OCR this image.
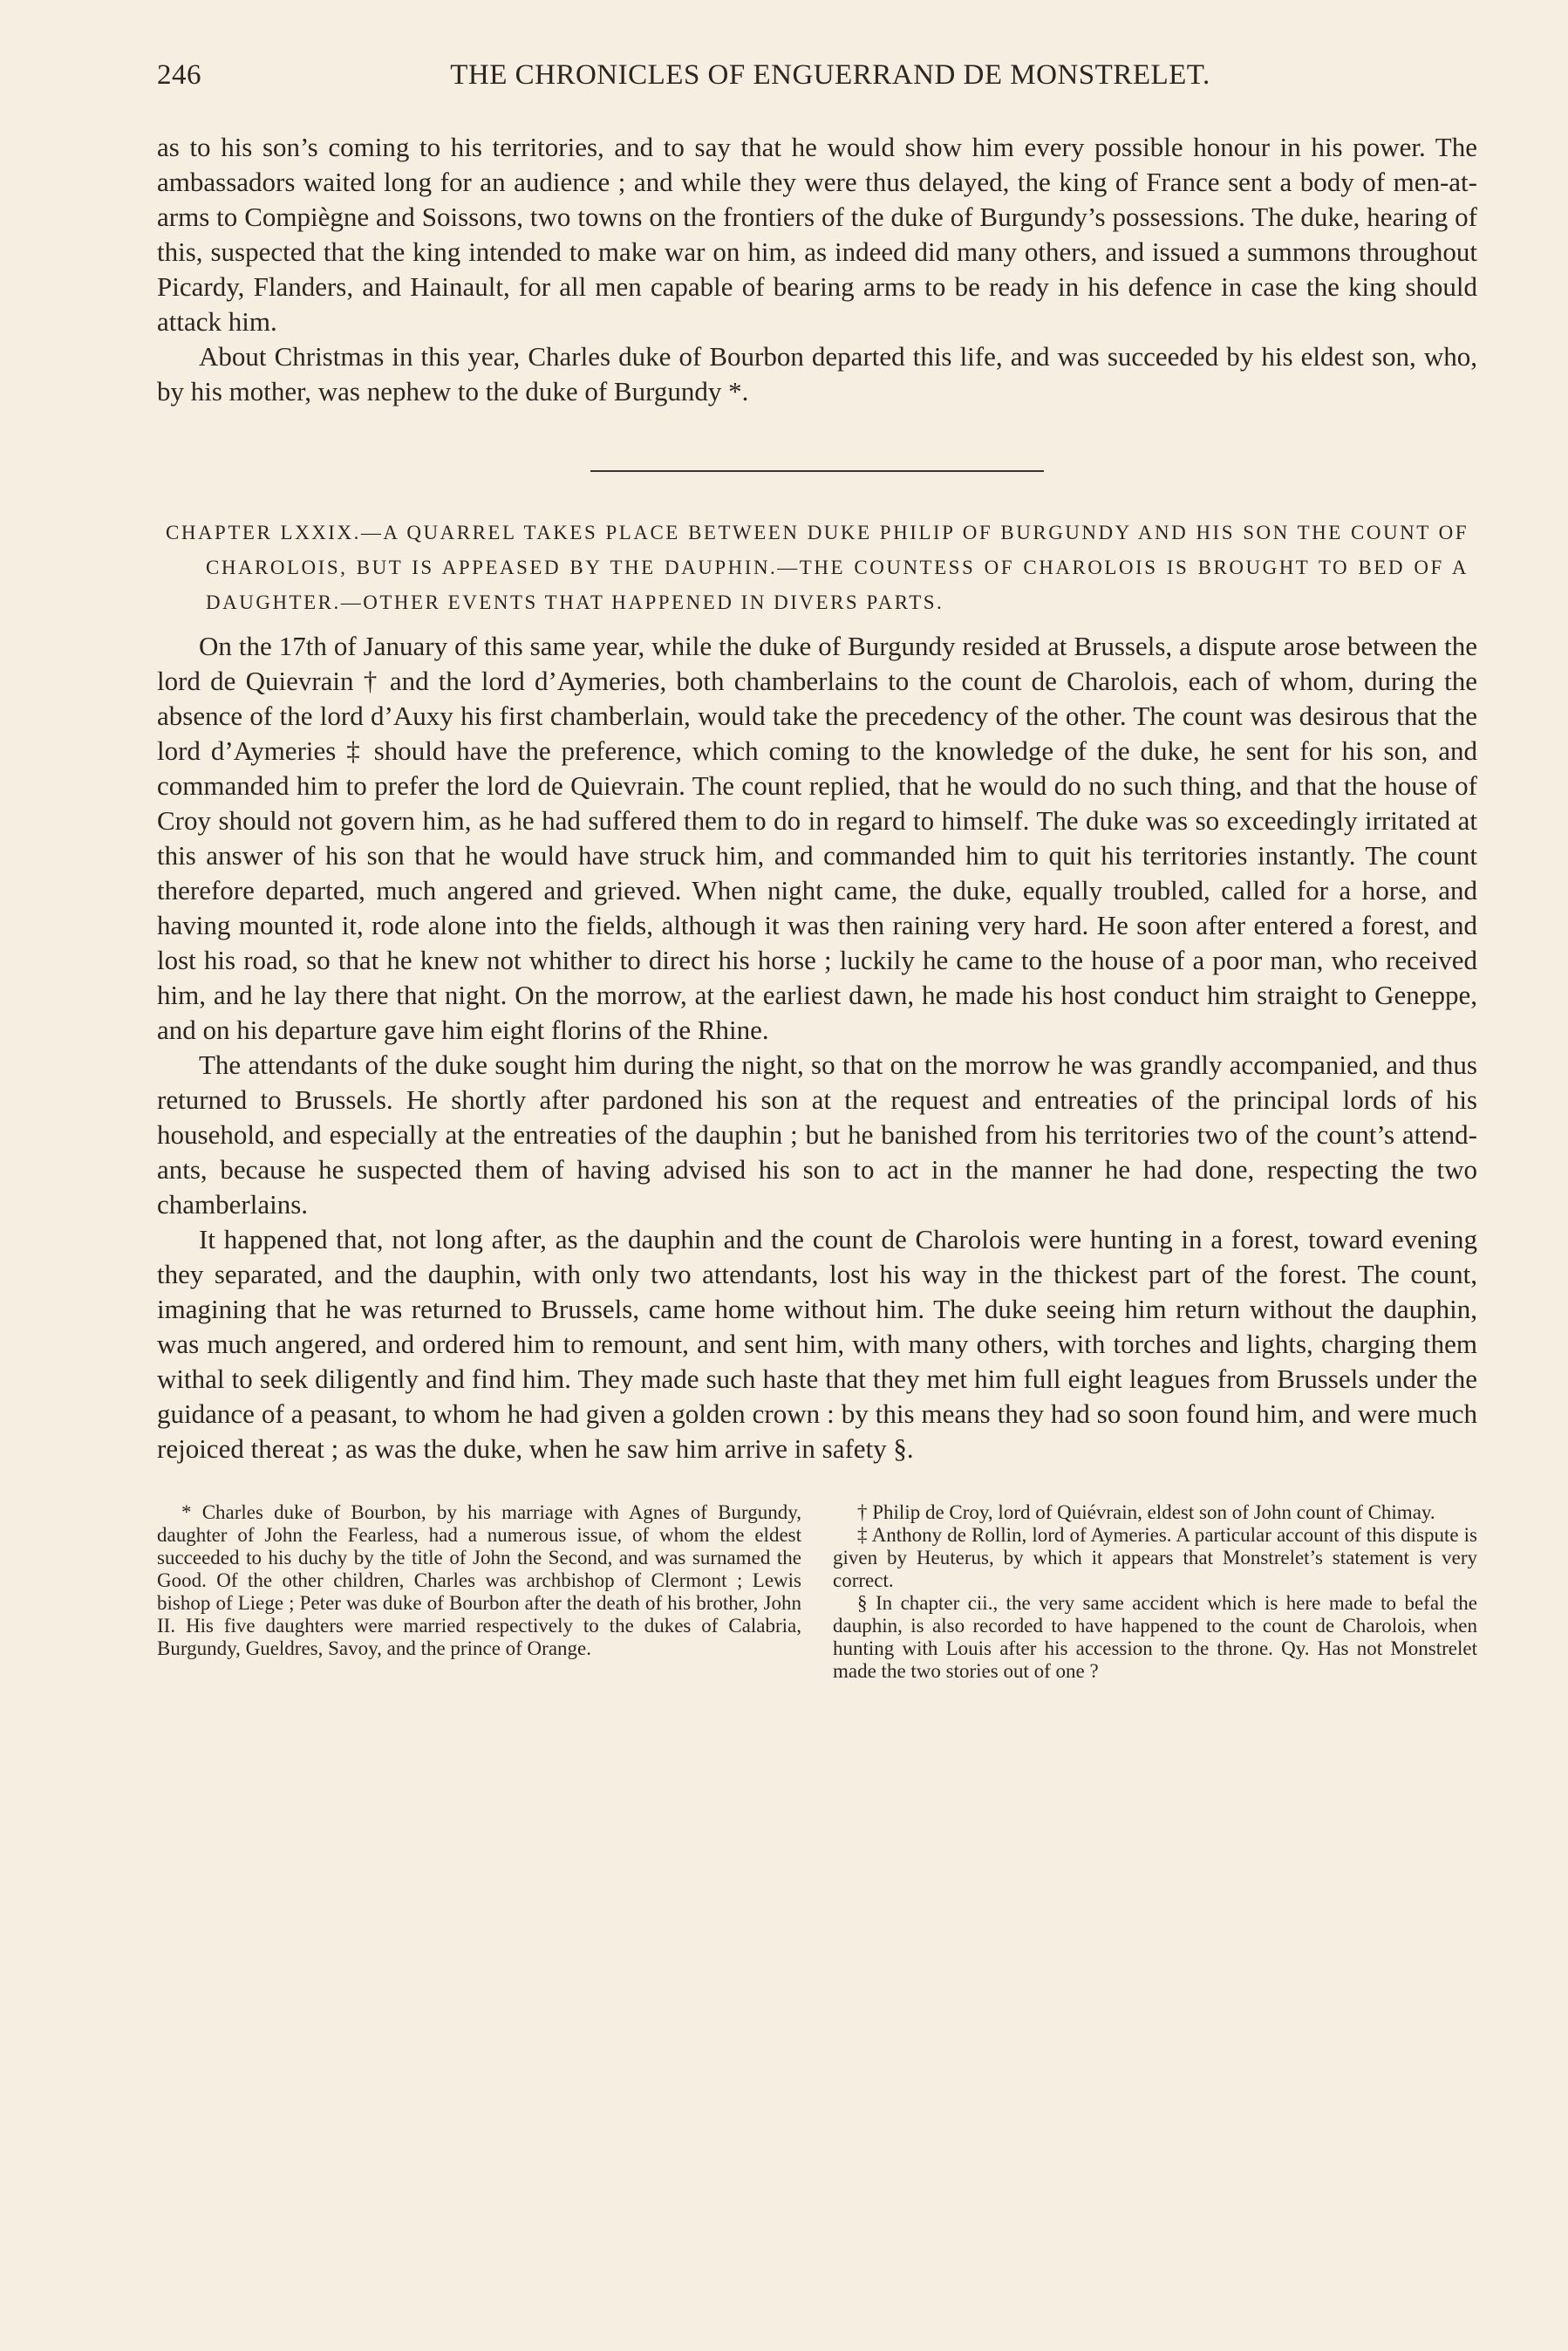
246	THE CHRONICLES OF ENGUERRAND DE MONSTRELET.

as to his son’s coming to his territories, and to say that he would show him every possible honour in his power. The ambassadors waited long for an audience ; and while they were thus delayed, the king of France sent a body of men-at-arms to Compiègne and Soissons, two towns on the frontiers of the duke of Burgundy’s possessions. The duke, hearing of this, suspected that the king intended to make war on him, as indeed did many others, and issued a summons throughout Picardy, Flanders, and Hainault, for all men capable of bearing arms to be ready in his defence in case the king should attack him.

About Christmas in this year, Charles duke of Bourbon departed this life, and was succeeded by his eldest son, who, by his mother, was nephew to the duke of Burgundy *.

CHAPTER LXXIX.—A QUARREL TAKES PLACE BETWEEN DUKE PHILIP OF BURGUNDY AND HIS SON THE COUNT OF CHAROLOIS, BUT IS APPEASED BY THE DAUPHIN.—THE COUNTESS OF CHAROLOIS IS BROUGHT TO BED OF A DAUGHTER.—OTHER EVENTS THAT HAPPENED IN DIVERS PARTS.

On the 17th of January of this same year, while the duke of Burgundy resided at Brussels, a dispute arose between the lord de Quievrain † and the lord d’Aymeries, both chamberlains to the count de Charolois, each of whom, during the absence of the lord d’Auxy his first chamberlain, would take the precedency of the other. The count was desirous that the lord d’Aymeries ‡ should have the preference, which coming to the knowledge of the duke, he sent for his son, and commanded him to prefer the lord de Quievrain. The count replied, that he would do no such thing, and that the house of Croy should not govern him, as he had suffered them to do in regard to himself. The duke was so exceedingly irritated at this answer of his son that he would have struck him, and commanded him to quit his territories instantly. The count therefore departed, much angered and grieved. When night came, the duke, equally troubled, called for a horse, and having mounted it, rode alone into the fields, although it was then raining very hard. He soon after entered a forest, and lost his road, so that he knew not whither to direct his horse ; luckily he came to the house of a poor man, who received him, and he lay there that night. On the morrow, at the earliest dawn, he made his host conduct him straight to Geneppe, and on his departure gave him eight florins of the Rhine.

The attendants of the duke sought him during the night, so that on the morrow he was grandly accompanied, and thus returned to Brussels. He shortly after pardoned his son at the request and entreaties of the principal lords of his household, and especially at the entreaties of the dauphin ; but he banished from his territories two of the count’s attendants, because he suspected them of having advised his son to act in the manner he had done, respecting the two chamberlains.

It happened that, not long after, as the dauphin and the count de Charolois were hunting in a forest, toward evening they separated, and the dauphin, with only two attendants, lost his way in the thickest part of the forest. The count, imagining that he was returned to Brussels, came home without him. The duke seeing him return without the dauphin, was much angered, and ordered him to remount, and sent him, with many others, with torches and lights, charging them withal to seek diligently and find him. They made such haste that they met him full eight leagues from Brussels under the guidance of a peasant, to whom he had given a golden crown : by this means they had so soon found him, and were much rejoiced thereat ; as was the duke, when he saw him arrive in safety §.

* Charles duke of Bourbon, by his marriage with Agnes of Burgundy, daughter of John the Fearless, had a numerous issue, of whom the eldest succeeded to his duchy by the title of John the Second, and was surnamed the Good. Of the other children, Charles was archbishop of Clermont ; Lewis bishop of Liege ; Peter was duke of Bourbon after the death of his brother, John II. His five daughters were married respectively to the dukes of Calabria, Burgundy, Gueldres, Savoy, and the prince of Orange.

† Philip de Croy, lord of Quiévrain, eldest son of John count of Chimay.

‡ Anthony de Rollin, lord of Aymeries. A particular account of this dispute is given by Heuterus, by which it appears that Monstrelet’s statement is very correct.

§ In chapter cii., the very same accident which is here made to befal the dauphin, is also recorded to have happened to the count de Charolois, when hunting with Louis after his accession to the throne. Qy. Has not Monstrelet made the two stories out of one ?
